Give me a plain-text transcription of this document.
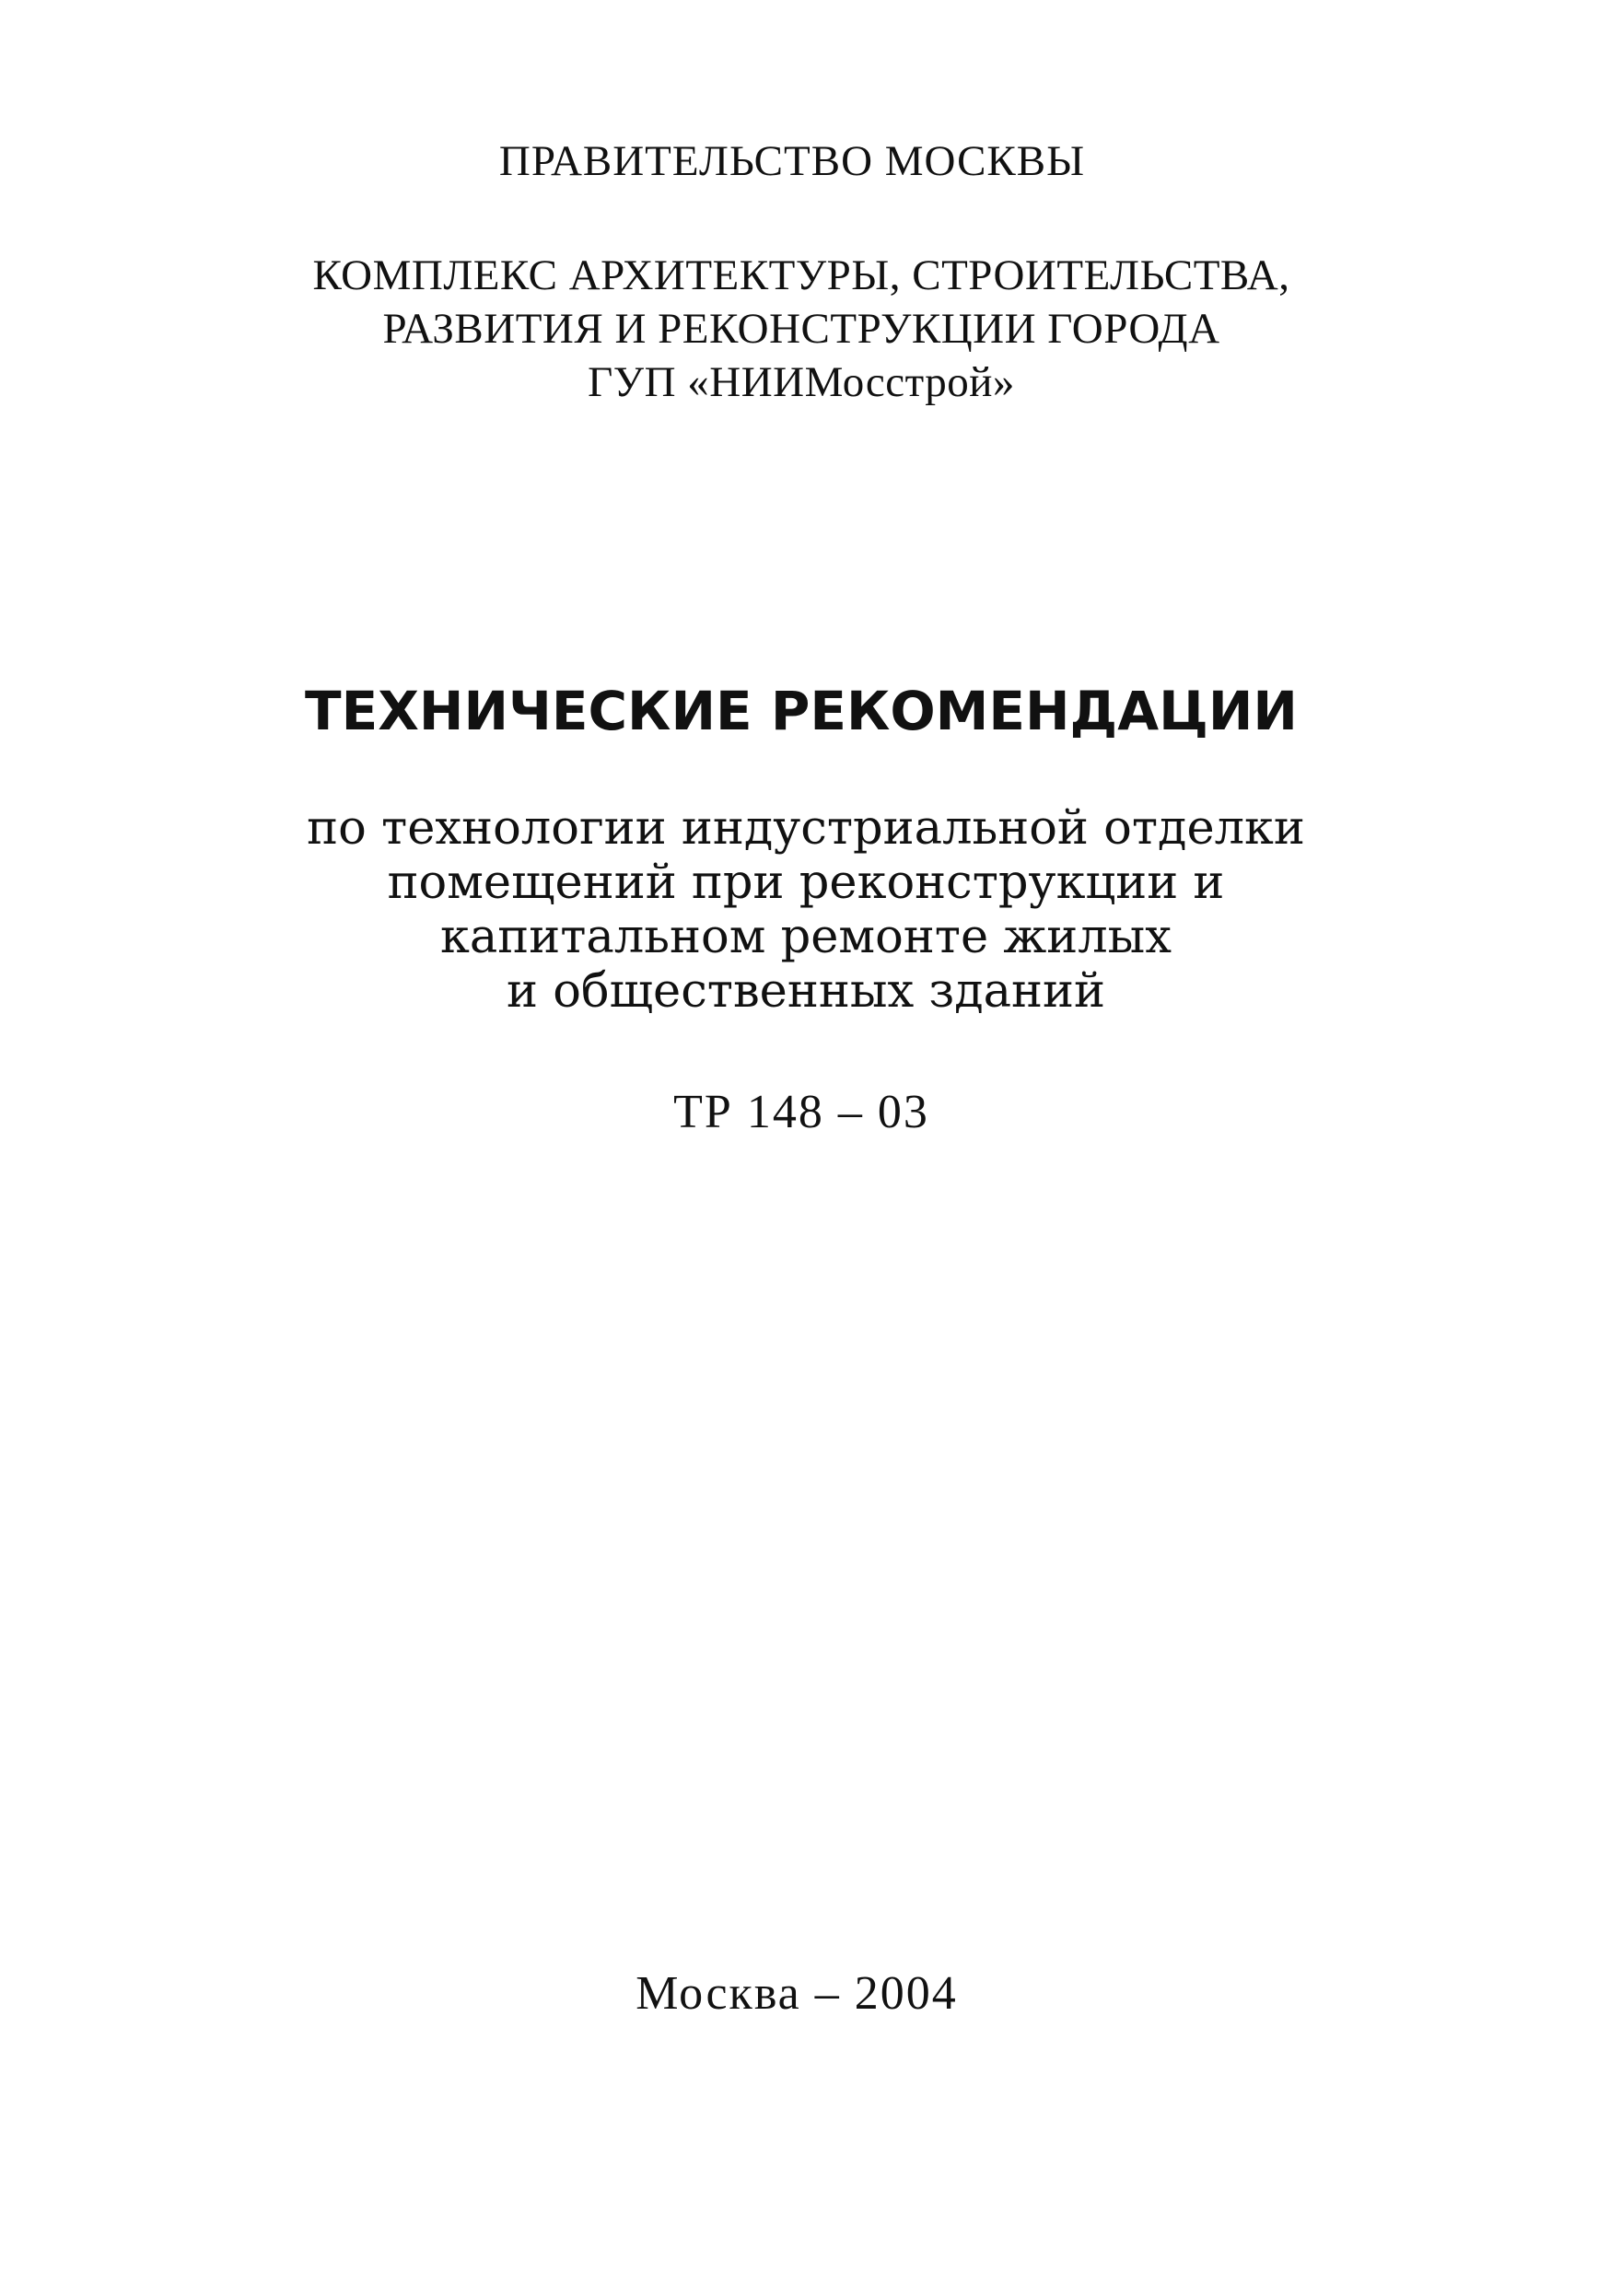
ПРАВИТЕЛЬСТВО МОСКВЫ

КОМПЛЕКС АРХИТЕКТУРЫ, СТРОИТЕЛЬСТВА,
РАЗВИТИЯ И РЕКОНСТРУКЦИИ ГОРОДА
ГУП «НИИМосстрой»
ТЕХНИЧЕСКИЕ РЕКОМЕНДАЦИИ
по технологии индустриальной отделки
помещений при реконструкции и
капитальном ремонте жилых
и общественных зданий

ТР 148 – 03

Москва – 2004
